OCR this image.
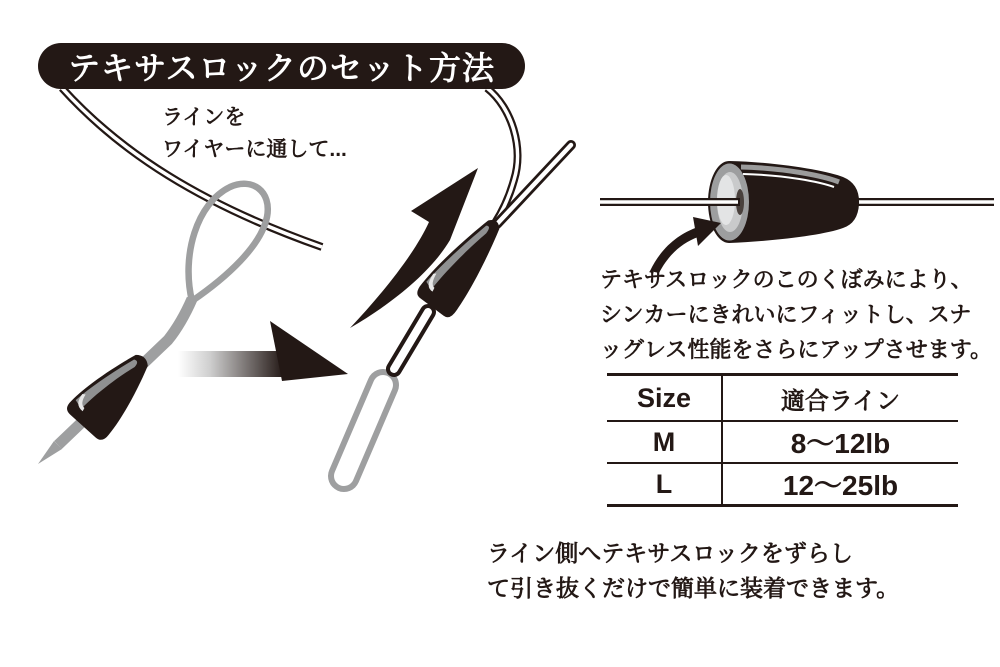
テキサスロックのセット方法
ラインを
ワイヤーに通して...
テキサスロックのこのくぼみにより、
シンカーにきれいにフィットし、スナ
ッグレス性能をさらにアップさせます。
Size	適合ライン
M	8〜12lb
L	12〜25lb
ライン側へテキサスロックをずらし
て引き抜くだけで簡単に装着できます。
